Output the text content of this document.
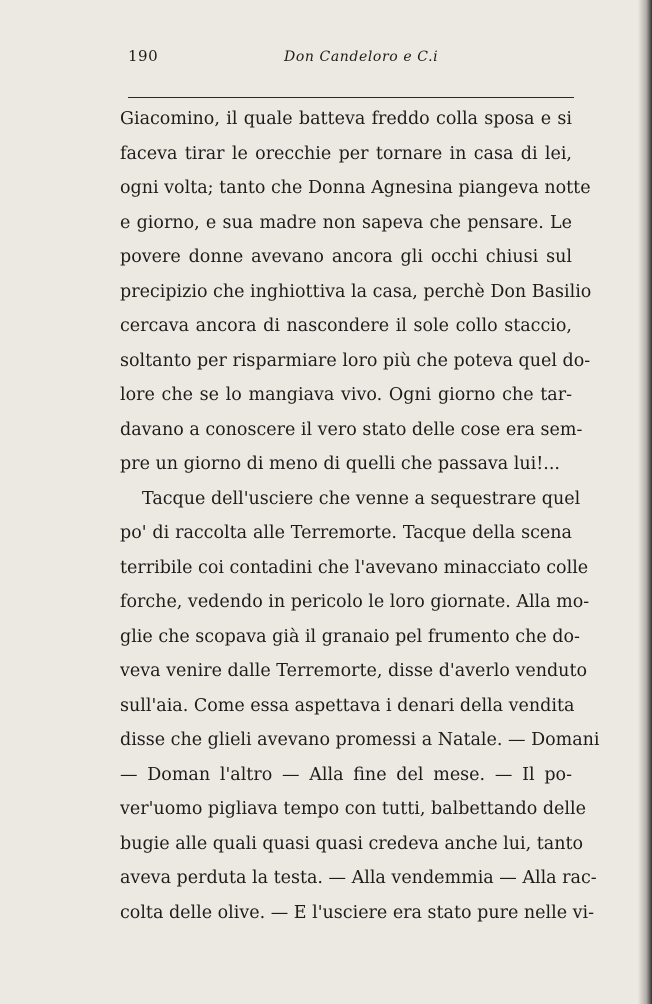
190	Don Candeloro e C.i
Giacomino, il quale batteva freddo colla sposa e si
faceva tirar le orecchie per tornare in casa di lei,
ogni volta; tanto che Donna Agnesina piangeva notte
e giorno, e sua madre non sapeva che pensare. Le
povere donne avevano ancora gli occhi chiusi sul
precipizio che inghiottiva la casa, perchè Don Basilio
cercava ancora di nascondere il sole collo staccio,
soltanto per risparmiare loro più che poteva quel do-
lore che se lo mangiava vivo. Ogni giorno che tar-
davano a conoscere il vero stato delle cose era sem-
pre un giorno di meno di quelli che passava lui!...
Tacque dell'usciere che venne a sequestrare quel
po' di raccolta alle Terremorte. Tacque della scena
terribile coi contadini che l'avevano minacciato colle
forche, vedendo in pericolo le loro giornate. Alla mo-
glie che scopava già il granaio pel frumento che do-
veva venire dalle Terremorte, disse d'averlo venduto
sull'aia. Come essa aspettava i denari della vendita
disse che glieli avevano promessi a Natale. — Domani
— Doman l'altro — Alla fine del mese. — Il po-
ver'uomo pigliava tempo con tutti, balbettando delle
bugie alle quali quasi quasi credeva anche lui, tanto
aveva perduta la testa. — Alla vendemmia — Alla rac-
colta delle olive. — E l'usciere era stato pure nelle vi-
